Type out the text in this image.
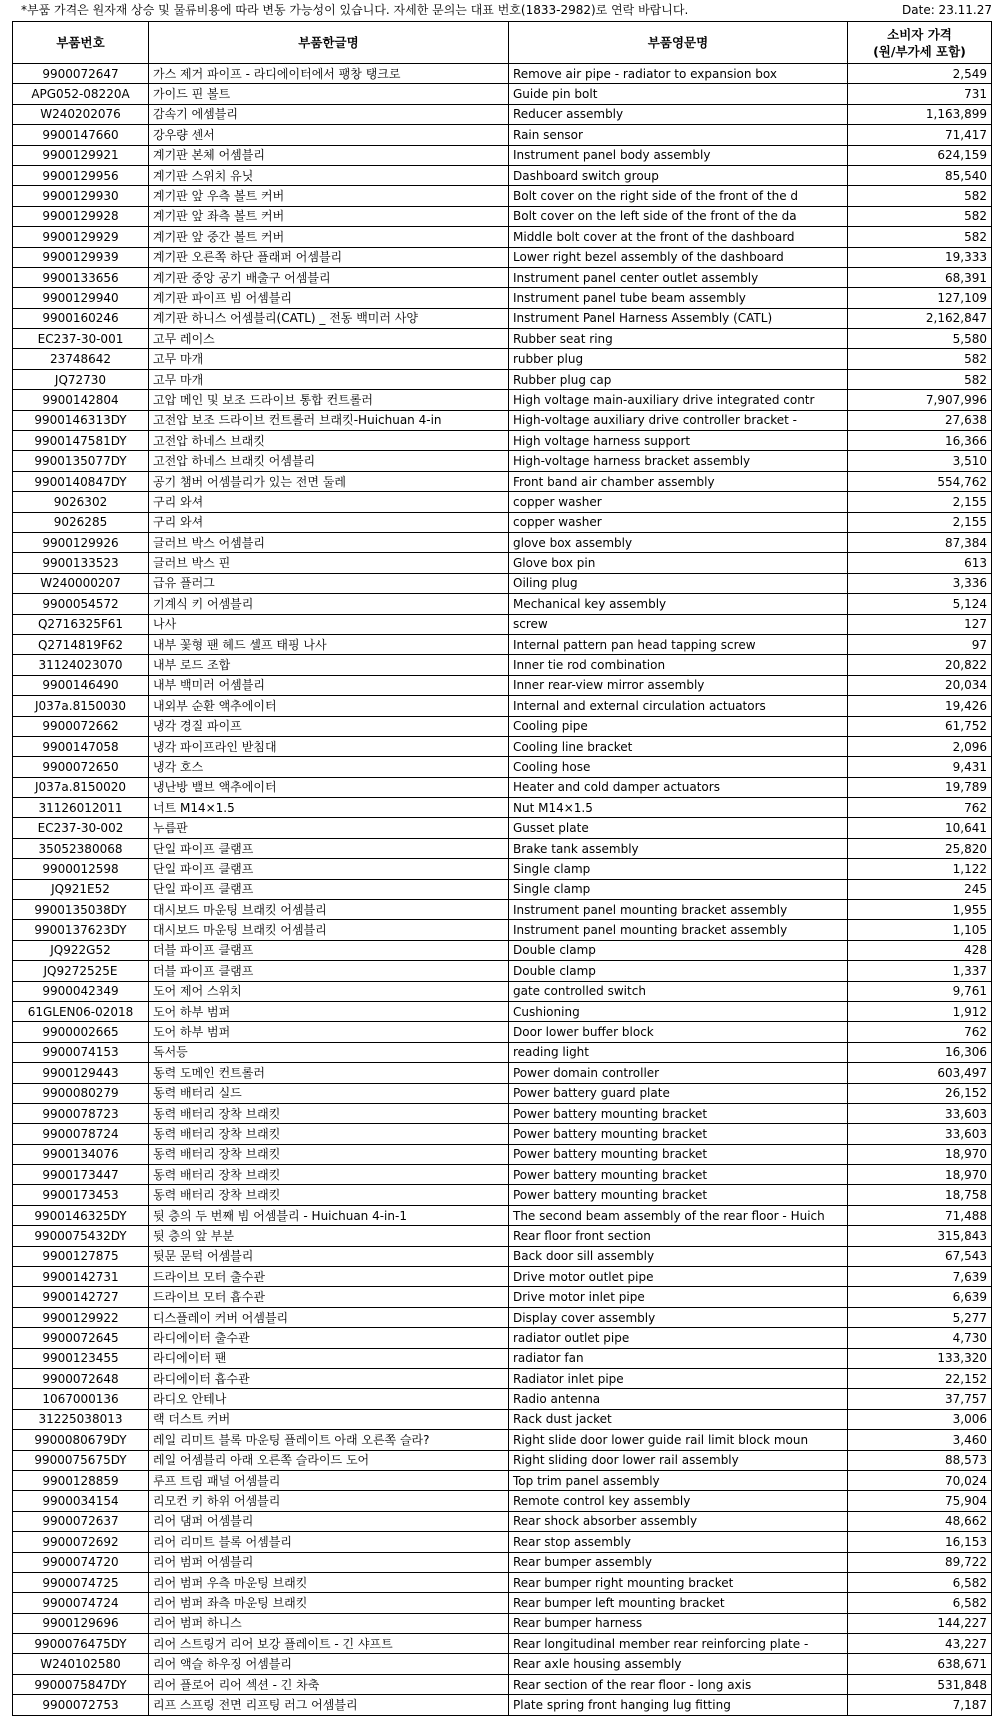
*부품 가격은 원자재 상승 및 물류비용에 따라 변동 가능성이 있습니다. 자세한 문의는 대표 번호(1833-2982)로 연락 바랍니다.	Date: 23.11.27
부품번호	부품한글명	부품영문명	소비자 가격
(원/부가세 포함)

9900072647	가스 제거 파이프 - 라디에이터에서 팽창 탱크로	Remove air pipe - radiator to expansion box	2,549
APG052-08220A	가이드 핀 볼트	Guide pin bolt	731
W240202076	감속기 에셈블리	Reducer assembly	1,163,899
9900147660	강우량 센서	Rain sensor	71,417
9900129921	계기판 본체 어셈블리	Instrument panel body assembly	624,159
9900129956	계기판 스위치 유닛	Dashboard switch group	85,540
9900129930	계기판 앞 우측 볼트 커버	Bolt cover on the right side of the front of the d	582
9900129928	계기판 앞 좌측 볼트 커버	Bolt cover on the left side of the front of the da	582
9900129929	계기판 앞 중간 볼트 커버	Middle bolt cover at the front of the dashboard	582
9900129939	계기판 오른쪽 하단 플래퍼 어셈블리	Lower right bezel assembly of the dashboard	19,333
9900133656	계기판 중앙 공기 배출구 어셈블리	Instrument panel center outlet assembly	68,391
9900129940	계기판 파이프 빔 어셈블리	Instrument panel tube beam assembly	127,109
9900160246	계기판 하니스 어셈블리(CATL) _ 전동 백미러 사양	Instrument Panel Harness Assembly (CATL)	2,162,847
EC237-30-001	고무 레이스	Rubber seat ring	5,580
23748642	고무 마개	rubber plug	582
JQ72730	고무 마개	Rubber plug cap	582
9900142804	고압 메인 및 보조 드라이브 통합 컨트롤러	High voltage main-auxiliary drive integrated contr	7,907,996
9900146313DY	고전압 보조 드라이브 컨트롤러 브래킷-Huichuan 4-in	High-voltage auxiliary drive controller bracket -	27,638
9900147581DY	고전압 하네스 브래킷	High voltage harness support	16,366
9900135077DY	고전압 하네스 브래킷 어셈블리	High-voltage harness bracket assembly	3,510
9900140847DY	공기 챔버 어셈블리가 있는 전면 둘레	Front band air chamber assembly	554,762
9026302	구리 와셔	copper washer	2,155
9026285	구리 와셔	copper washer	2,155
9900129926	글러브 박스 어셈블리	glove box assembly	87,384
9900133523	글러브 박스 핀	Glove box pin	613
W240000207	급유 플러그	Oiling plug	3,336
9900054572	기계식 키 어셈블리	Mechanical key assembly	5,124
Q2716325F61	나사	screw	127
Q2714819F62	내부 꽃형 팬 헤드 셀프 태핑 나사	Internal pattern pan head tapping screw	97
31124023070	내부 로드 조합	Inner tie rod combination	20,822
9900146490	내부 백미러 어셈블리	Inner rear-view mirror assembly	20,034
J037a.8150030	내외부 순환 액추에이터	Internal and external circulation actuators	19,426
9900072662	냉각 경질 파이프	Cooling pipe	61,752
9900147058	냉각 파이프라인 받침대	Cooling line bracket	2,096
9900072650	냉각 호스	Cooling hose	9,431
J037a.8150020	냉난방 밸브 액추에이터	Heater and cold damper actuators	19,789
31126012011	너트 M14×1.5	Nut M14×1.5	762
EC237-30-002	누름판	Gusset plate	10,641
35052380068	단일 파이프 클램프	Brake tank assembly	25,820
9900012598	단일 파이프 클램프	Single clamp	1,122
JQ921E52	단일 파이프 클램프	Single clamp	245
9900135038DY	대시보드 마운팅 브래킷 어셈블리	Instrument panel mounting bracket assembly	1,955
9900137623DY	대시보드 마운팅 브래킷 어셈블리	Instrument panel mounting bracket assembly	1,105
JQ922G52	더블 파이프 클램프	Double clamp	428
JQ9272525E	더블 파이프 클램프	Double clamp	1,337
9900042349	도어 제어 스위치	gate controlled switch	9,761
61GLEN06-02018	도어 하부 범퍼	Cushioning	1,912
9900002665	도어 하부 범퍼	Door lower buffer block	762
9900074153	독서등	reading light	16,306
9900129443	동력 도메인 컨트롤러	Power domain controller	603,497
9900080279	동력 배터리 실드	Power battery guard plate	26,152
9900078723	동력 배터리 장착 브래킷	Power battery mounting bracket	33,603
9900078724	동력 배터리 장착 브래킷	Power battery mounting bracket	33,603
9900134076	동력 배터리 장착 브래킷	Power battery mounting bracket	18,970
9900173447	동력 배터리 장착 브래킷	Power battery mounting bracket	18,970
9900173453	동력 배터리 장착 브래킷	Power battery mounting bracket	18,758
9900146325DY	뒷 층의 두 번째 빔 어셈블리 - Huichuan 4-in-1	The second beam assembly of the rear floor - Huich	71,488
9900075432DY	뒷 층의 앞 부분	Rear floor front section	315,843
9900127875	뒷문 문턱 어셈블리	Back door sill assembly	67,543
9900142731	드라이브 모터 출수관	Drive motor outlet pipe	7,639
9900142727	드라이브 모터 흡수관	Drive motor inlet pipe	6,639
9900129922	디스플레이 커버 어셈블리	Display cover assembly	5,277
9900072645	라디에이터 출수관	radiator outlet pipe	4,730
9900123455	라디에이터 팬	radiator fan	133,320
9900072648	라디에이터 흡수관	Radiator inlet pipe	22,152
1067000136	라디오 안테나	Radio antenna	37,757
31225038013	랙 더스트 커버	Rack dust jacket	3,006
9900080679DY	레일 리미트 블록 마운팅 플레이트 아래 오른쪽 슬라?	Right slide door lower guide rail limit block moun	3,460
9900075675DY	레일 어셈블리 아래 오른쪽 슬라이드 도어	Right sliding door lower rail assembly	88,573
9900128859	루프 트림 패널 어셈블리	Top trim panel assembly	70,024
9900034154	리모컨 키 하위 어셈블리	Remote control key assembly	75,904
9900072637	리어 댐퍼 어셈블리	Rear shock absorber assembly	48,662
9900072692	리어 리미트 블록 어셈블리	Rear stop assembly	16,153
9900074720	리어 범퍼 어셈블리	Rear bumper assembly	89,722
9900074725	리어 범퍼 우측 마운팅 브래킷	Rear bumper right mounting bracket	6,582
9900074724	리어 범퍼 좌측 마운팅 브래킷	Rear bumper left mounting bracket	6,582
9900129696	리어 범퍼 하니스	Rear bumper harness	144,227
9900076475DY	리어 스트링거 리어 보강 플레이트 - 긴 샤프트	Rear longitudinal member rear reinforcing plate -	43,227
W240102580	리어 액슬 하우징 어셈블리	Rear axle housing assembly	638,671
9900075847DY	리어 플로어 리어 섹션 - 긴 차축	Rear section of the rear floor - long axis	531,848
9900072753	리프 스프링 전면 리프팅 러그 어셈블리	Plate spring front hanging lug fitting	7,187
